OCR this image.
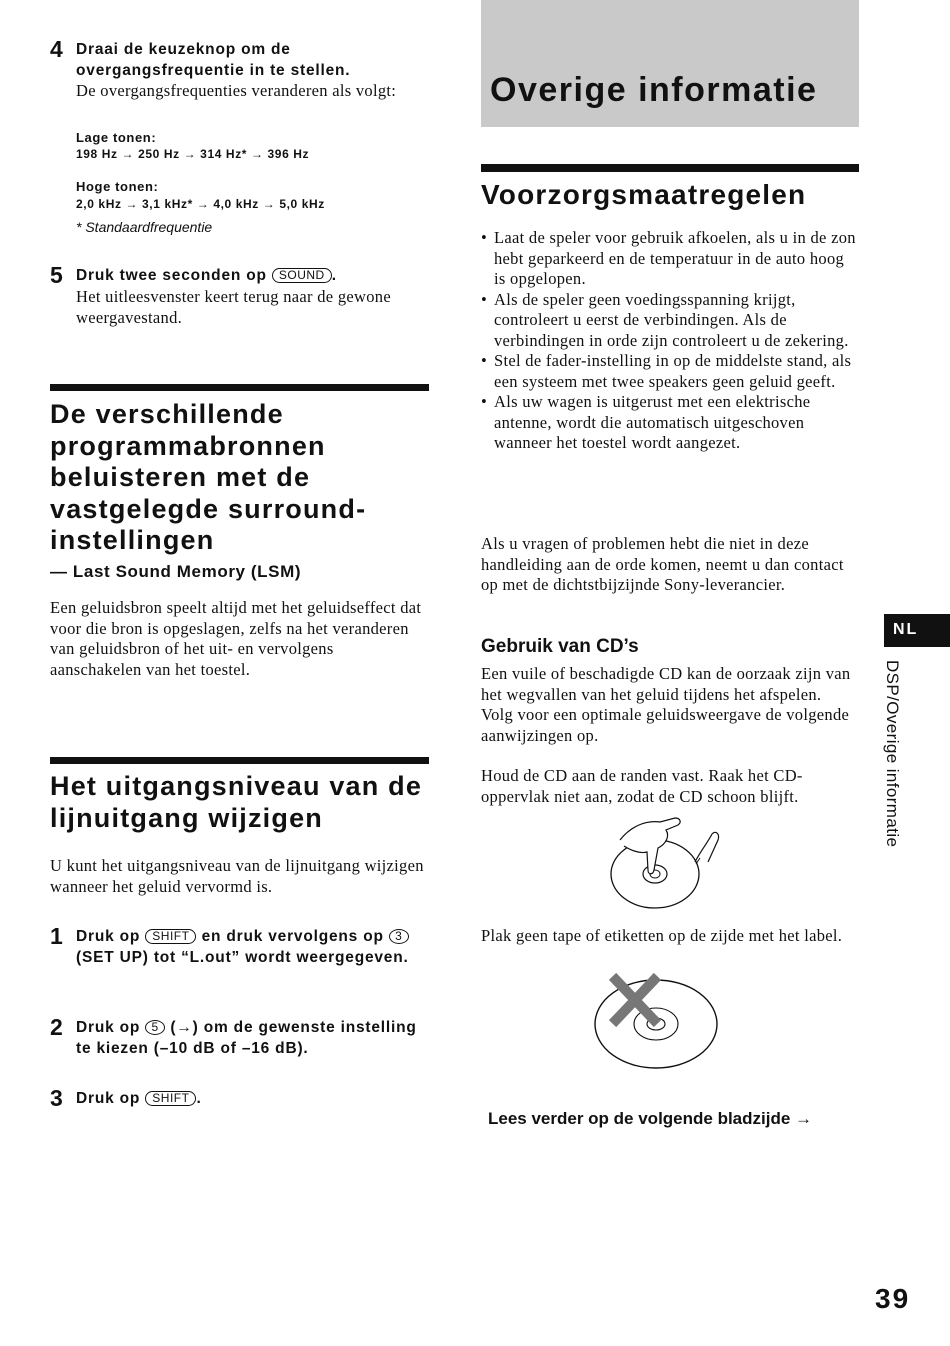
4 Draai de keuzeknop om de overgangsfrequentie in te stellen.
De overgangsfrequenties veranderen als volgt:
Lage tonen:
198 Hz → 250 Hz → 314 Hz* → 396 Hz
Hoge tonen:
2,0 kHz → 3,1 kHz* → 4,0 kHz → 5,0 kHz
* Standaardfrequentie
5 Druk twee seconden op SOUND .
Het uitleesvenster keert terug naar de gewone weergavestand.
De verschillende programmabronnen beluisteren met de vastgelegde surround-instellingen
— Last Sound Memory (LSM)
Een geluidsbron speelt altijd met het geluidseffect dat voor die bron is opgeslagen, zelfs na het veranderen van geluidsbron of het uit- en vervolgens aanschakelen van het toestel.
Het uitgangsniveau van de lijnuitgang wijzigen
U kunt het uitgangsniveau van de lijnuitgang wijzigen wanneer het geluid vervormd is.
1 Druk op SHIFT en druk vervolgens op 3 (SET UP) tot “L.out” wordt weergegeven.
2 Druk op 5 (→) om de gewenste instelling te kiezen (–10 dB of –16 dB).
3 Druk op SHIFT .
Overige informatie
Voorzorgsmaatregelen
• Laat de speler voor gebruik afkoelen, als u in de zon hebt geparkeerd en de temperatuur in de auto hoog is opgelopen.
• Als de speler geen voedingsspanning krijgt, controleert u eerst de verbindingen. Als de verbindingen in orde zijn controleert u de zekering.
• Stel de fader-instelling in op de middelste stand, als een systeem met twee speakers geen geluid geeft.
• Als uw wagen is uitgerust met een elektrische antenne, wordt die automatisch uitgeschoven wanneer het toestel wordt aangezet.
Als u vragen of problemen hebt die niet in deze handleiding aan de orde komen, neemt u dan contact op met de dichtstbijzijnde Sony-leverancier.
Gebruik van CD’s
Een vuile of beschadigde CD kan de oorzaak zijn van het wegvallen van het geluid tijdens het afspelen. Volg voor een optimale geluidsweergave de volgende aanwijzingen op.
Houd de CD aan de randen vast. Raak het CD-oppervlak niet aan, zodat de CD schoon blijft.
Plak geen tape of etiketten op de zijde met het label.
Lees verder op de volgende bladzijde →
NL
DSP/Overige informatie
39
